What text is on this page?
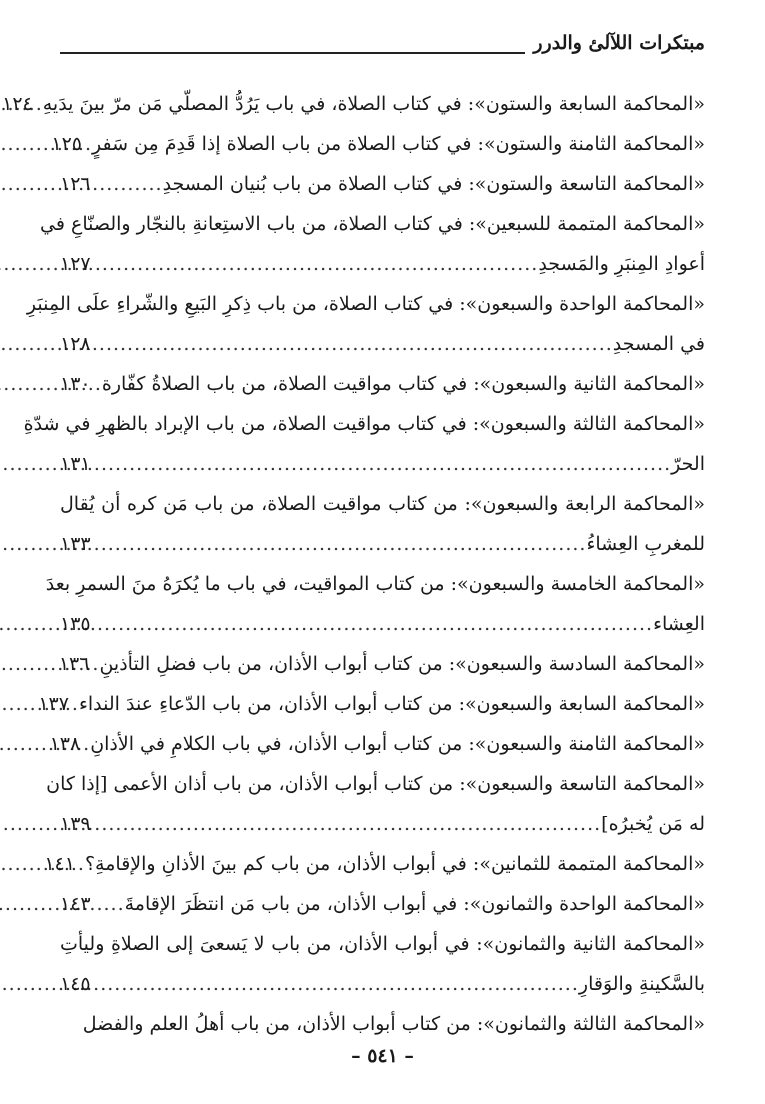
مبتكرات اللآلئ والدرر
«المحاكمة السابعة والستون»: في كتاب الصلاة، في باب يَرُدُّ المصلّي مَن مرّ بينَ يدَيهِ
.....
١٢٤
«المحاكمة الثامنة والستون»: في كتاب الصلاة من باب الصلاة إذا قَدِمَ مِن سَفرٍ
.....
١٢٥
«المحاكمة التاسعة والستون»: في كتاب الصلاة من باب بُنيان المسجدِ
.....
١٢٦
«المحاكمة المتممة للسبعين»: في كتاب الصلاة، من باب الاستِعانةِ بالنجّار والصنّاعِ في
أعوادِ المِنبَرِ والمَسجدِ
.....
١٢٧
«المحاكمة الواحدة والسبعون»: في كتاب الصلاة، من باب ذِكرِ البَيعِ والشّراءِ علَى المِنبَرِ
في المسجدِ
.....
١٢٨
«المحاكمة الثانية والسبعون»: في كتاب مواقيت الصلاة، من باب الصلاةُ كفّارة
.....
١٣٠
«المحاكمة الثالثة والسبعون»: في كتاب مواقيت الصلاة، من باب الإبراد بالظهرِ في شدّةِ
الحرّ
.....
١٣١
«المحاكمة الرابعة والسبعون»: من كتاب مواقيت الصلاة، من باب مَن كره أن يُقال
للمغربِ العِشاءُ
.....
١٣٣
«المحاكمة الخامسة والسبعون»: من كتاب المواقيت، في باب ما يُكرَهُ منَ السمرِ بعدَ
العِشاء
.....
١٣٥
«المحاكمة السادسة والسبعون»: من كتاب أبواب الأذان، من باب فضلِ التأذينِ
.....
١٣٦
«المحاكمة السابعة والسبعون»: من كتاب أبواب الأذان، من باب الدّعاءِ عندَ النداء
.....
١٣٧
«المحاكمة الثامنة والسبعون»: من كتاب أبواب الأذان، في باب الكلامِ في الأذانِ
.....
١٣٨
«المحاكمة التاسعة والسبعون»: من كتاب أبواب الأذان، من باب أذان الأعمى [إذا كان
له مَن يُخبرُه]
.....
١٣٩
«المحاكمة المتممة للثمانين»: في أبواب الأذان، من باب كم بينَ الأذانِ والإقامةِ؟
.....
١٤١
«المحاكمة الواحدة والثمانون»: في أبواب الأذان، من باب مَن انتظَرَ الإقامةَ
.....
١٤٣
«المحاكمة الثانية والثمانون»: في أبواب الأذان، من باب لا يَسعىَ إلى الصلاةِ وليأتِ
بالسَّكينةِ والوَقارِ
.....
١٤٥
«المحاكمة الثالثة والثمانون»: من كتاب أبواب الأذان، من باب أهلُ العلم والفضل
– ٥٤١ –
